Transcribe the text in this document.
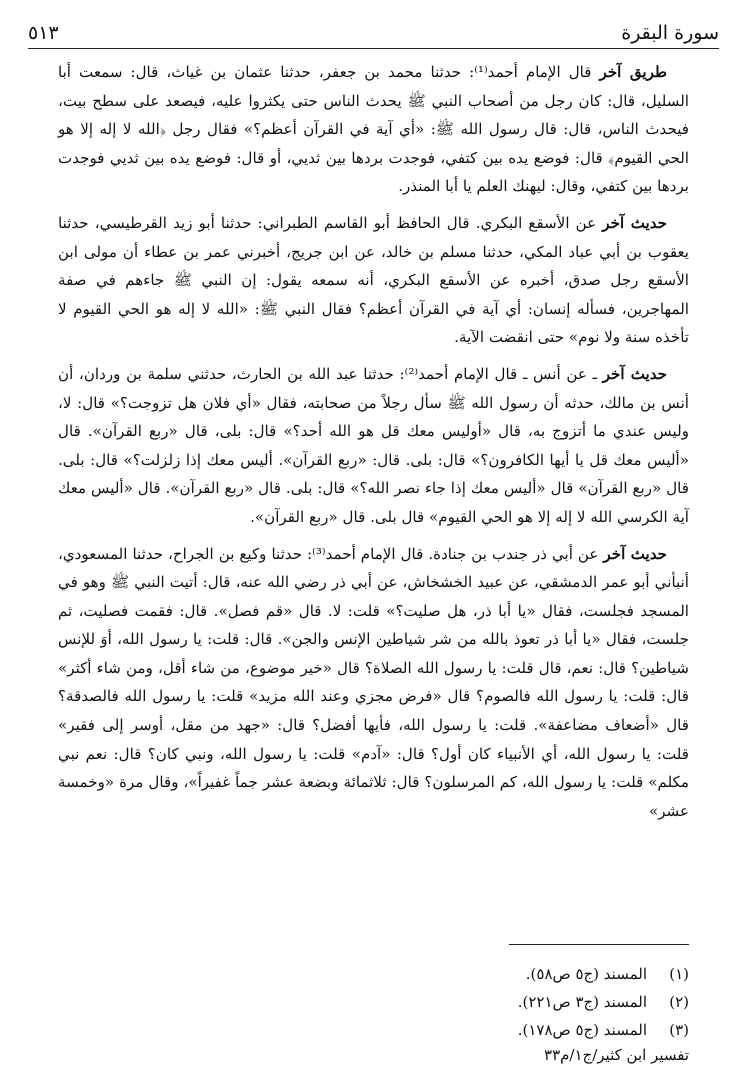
سورة البقرة
٥١٣

طريق آخر قال الإمام أحمد⁽¹⁾: حدثنا محمد بن جعفر، حدثنا عثمان بن غياث، قال: سمعت أبا السليل، قال: كان رجل من أصحاب النبي ﷺ يحدث الناس حتى يكثروا عليه، فيصعد على سطح بيت، فيحدث الناس، قال: قال رسول الله ﷺ: «أي آية في القرآن أعظم؟» فقال رجل ﴿الله لا إله إلا هو الحي القيوم﴾ قال: فوضع يده بين كتفي، فوجدت بردها بين ثديي، أو قال: فوضع يده بين ثديي فوجدت بردها بين كتفي، وقال: ليهنك العلم يا أبا المنذر.

حديث آخر عن الأسقع البكري. قال الحافظ أبو القاسم الطبراني: حدثنا أبو زيد القرطيسي، حدثنا يعقوب بن أبي عباد المكي، حدثنا مسلم بن خالد، عن ابن جريج، أخبرني عمر بن عطاء أن مولى ابن الأسقع رجل صدق، أخبره عن الأسقع البكري، أنه سمعه يقول: إن النبي ﷺ جاءهم في صفة المهاجرين، فسأله إنسان: أي آية في القرآن أعظم؟ فقال النبي ﷺ: «الله لا إله هو الحي القيوم لا تأخذه سنة ولا نوم» حتى انقضت الآية.

حديث آخر ـ عن أنس ـ قال الإمام أحمد⁽²⁾: حدثنا عبد الله بن الحارث، حدثني سلمة بن وردان، أن أنس بن مالك، حدثه أن رسول الله ﷺ سأل رجلاً من صحابته، فقال «أي فلان هل تزوجت؟» قال: لا، وليس عندي ما أتزوج به، قال «أوليس معك قل هو الله أحد؟» قال: بلى، قال «ربع القرآن». قال «أليس معك قل يا أيها الكافرون؟» قال: بلى. قال: «ربع القرآن». أليس معك إذا زلزلت؟» قال: بلى. قال «ربع القرآن» قال «أليس معك إذا جاء نصر الله؟» قال: بلى. قال «ربع القرآن». قال «أليس معك آية الكرسي الله لا إله إلا هو الحي القيوم» قال بلى. قال «ربع القرآن».

حديث آخر عن أبي ذر جندب بن جنادة. قال الإمام أحمد⁽³⁾: حدثنا وكيع بن الجراح، حدثنا المسعودي، أنبأني أبو عمر الدمشقي، عن عبيد الخشخاش، عن أبي ذر رضي الله عنه، قال: أتيت النبي ﷺ وهو في المسجد فجلست، فقال «يا أبا ذر، هل صليت؟» قلت: لا. قال «قم فصل». قال: فقمت فصليت، ثم جلست، فقال «يا أبا ذر تعوذ بالله من شر شياطين الإنس والجن». قال: قلت: يا رسول الله، أوَ للإنس شياطين؟ قال: نعم، قال قلت: يا رسول الله الصلاة؟ قال «خير موضوع، من شاء أقل، ومن شاء أكثر» قال: قلت: يا رسول الله فالصوم؟ قال «فرض مجزي وعند الله مزيد» قلت: يا رسول الله فالصدقة؟ قال «أضعاف مضاعفة». قلت: يا رسول الله، فأيها أفضل؟ قال: «جهد من مقل، أوسر إلى فقير» قلت: يا رسول الله، أي الأنبياء كان أول؟ قال: «آدم» قلت: يا رسول الله، ونبي كان؟ قال: نعم نبي مكلم» قلت: يا رسول الله، كم المرسلون؟ قال: ثلاثمائة وبضعة عشر جماً غفيراً»، وقال مرة «وخمسة عشر»

(١)
المسند (ج٥ ص٥٨).
(٢)
المسند (ج٣ ص٢٢١).
(٣)
المسند (ج٥ ص١٧٨).
تفسير ابن كثير/ج١/م٣٣
